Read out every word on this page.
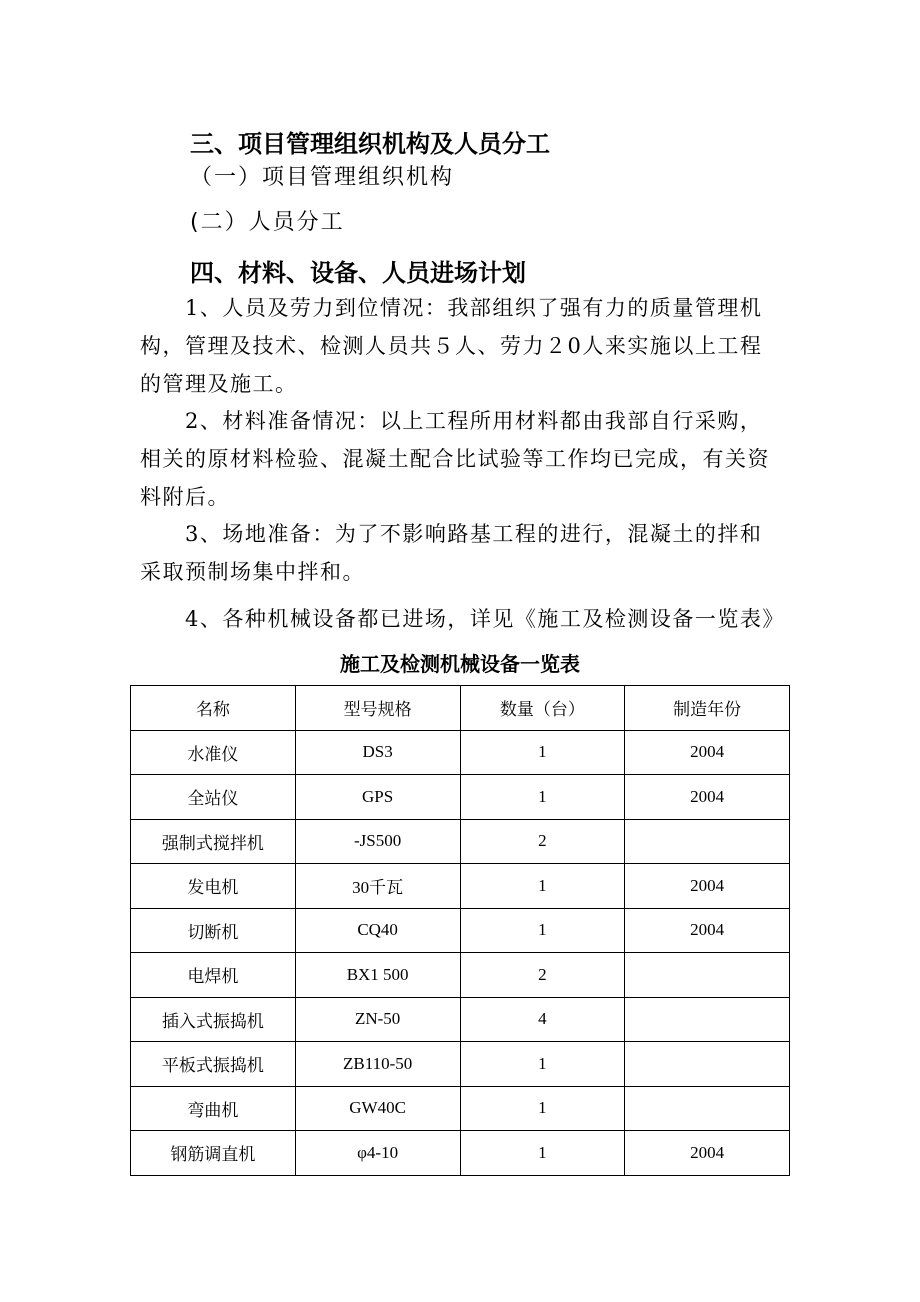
三、项目管理组织机构及人员分工
（一）项目管理组织机构
(二）人员分工
四、材料、设备、人员进场计划
1、人员及劳力到位情况：我部组织了强有力的质量管理机
构，管理及技术、检测人员共５人、劳力２0人来实施以上工程
的管理及施工。
2、材料准备情况：以上工程所用材料都由我部自行采购，
相关的原材料检验、混凝土配合比试验等工作均已完成，有关资
料附后。
3、场地准备：为了不影响路基工程的进行，混凝土的拌和
采取预制场集中拌和。
4、各种机械设备都已进场，详见《施工及检测设备一览表》
施工及检测机械设备一览表
名称	型号规格	数量（台）	制造年份
水准仪	DS3	1	2004
全站仪	GPS	1	2004
强制式搅拌机	-JS500	2	
发电机	30千瓦	1	2004
切断机	CQ40	1	2004
电焊机	BX1 500	2	
插入式振捣机	ZN-50	4	
平板式振捣机	ZB110-50	1	
弯曲机	GW40C	1	
钢筋调直机	φ4-10	1	2004
